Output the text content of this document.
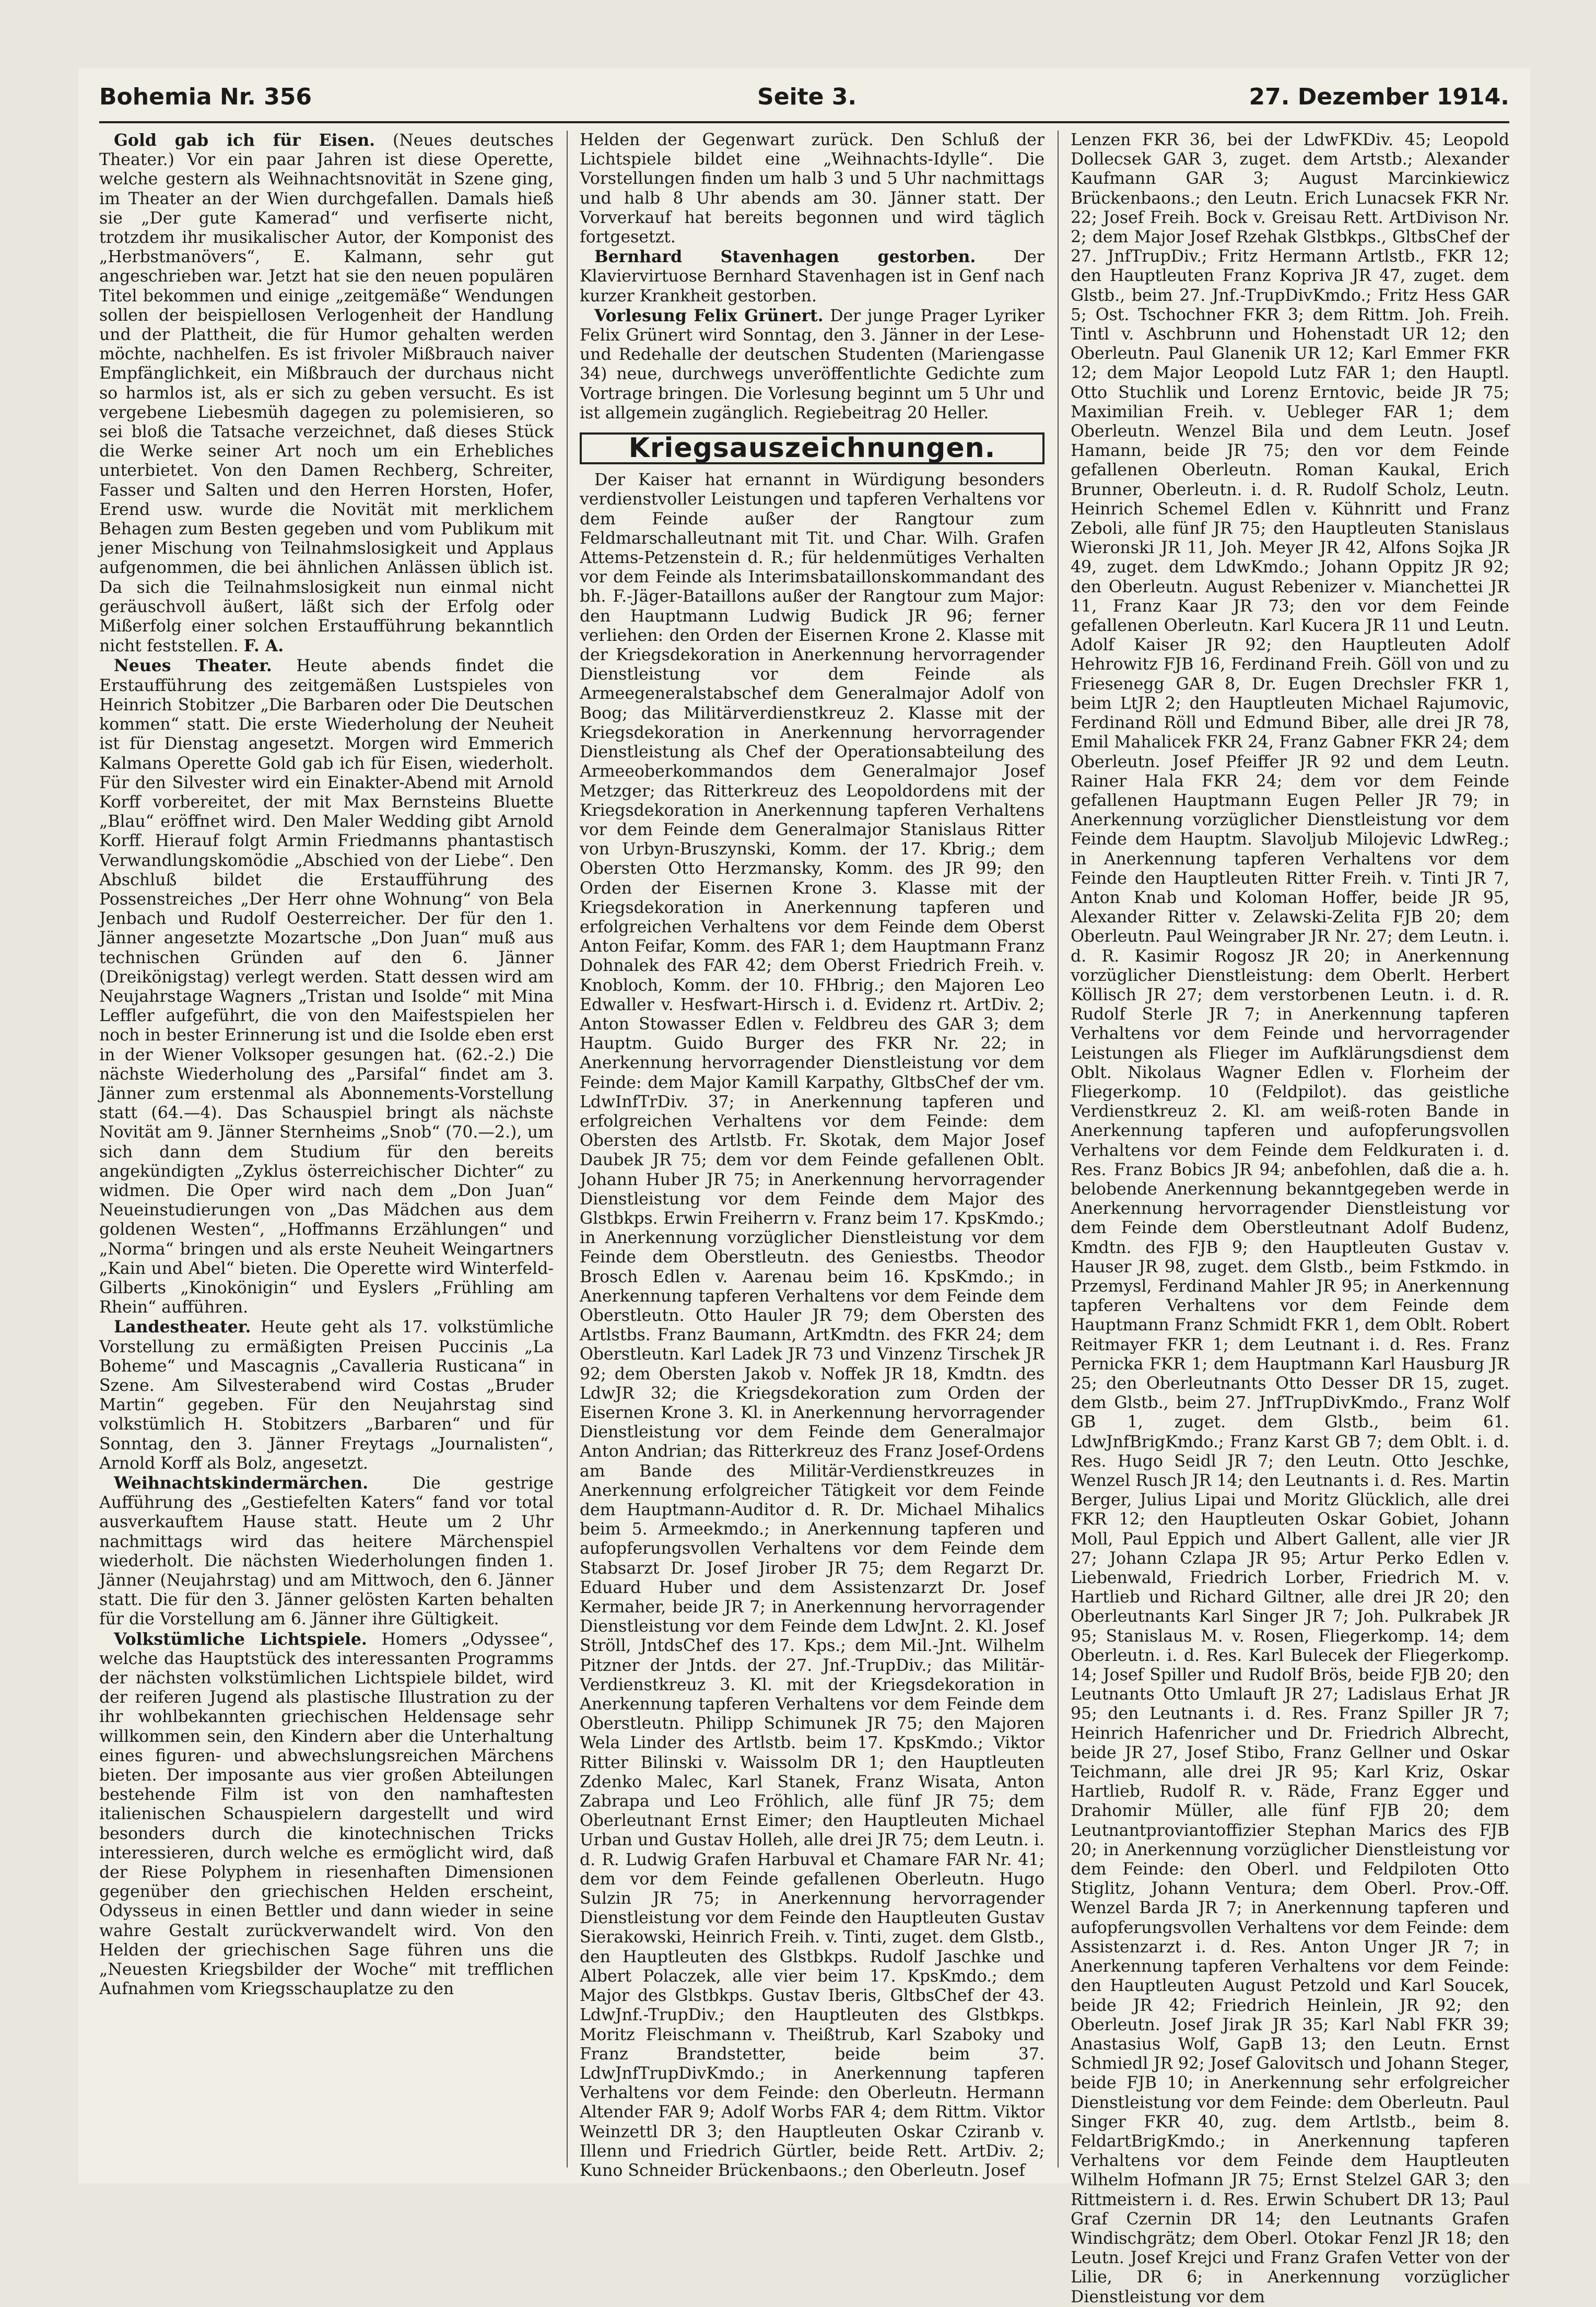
Bohemia Nr. 356	Seite 3.	27. Dezember 1914.

Gold gab ich für Eisen. (Neues deutsches Theater.) Vor ein paar Jahren ist diese Operette, welche gestern als Weihnachtsnovität in Szene ging, im Theater an der Wien durchgefallen. Damals hieß sie „Der gute Kamerad“ und verfiserte nicht, trotzdem ihr musikalischer Autor, der Komponist des „Herbstmanövers“, E. Kalmann, sehr gut angeschrieben war. Jetzt hat sie den neuen populären Titel bekommen und einige „zeitgemäße“ Wendungen sollen der beispiellosen Verlogenheit der Handlung und der Plattheit, die für Humor gehalten werden möchte, nachhelfen. Es ist frivoler Mißbrauch naiver Empfänglichkeit, ein Mißbrauch der durchaus nicht so harmlos ist, als er sich zu geben versucht. Es ist vergebene Liebesmüh dagegen zu polemisieren, so sei bloß die Tatsache verzeichnet, daß dieses Stück die Werke seiner Art noch um ein Erhebliches unterbietet. Von den Damen Rechberg, Schreiter, Fasser und Salten und den Herren Horsten, Hofer, Erend usw. wurde die Novität mit merklichem Behagen zum Besten gegeben und vom Publikum mit jener Mischung von Teilnahmslosigkeit und Applaus aufgenommen, die bei ähnlichen Anlässen üblich ist. Da sich die Teilnahmslosigkeit nun einmal nicht geräuschvoll äußert, läßt sich der Erfolg oder Mißerfolg einer solchen Erstaufführung bekanntlich nicht feststellen. F. A.

Neues Theater. Heute abends findet die Erstaufführung des zeitgemäßen Lustspieles von Heinrich Stobitzer „Die Barbaren oder Die Deutschen kommen“ statt. Die erste Wiederholung der Neuheit ist für Dienstag angesetzt. Morgen wird Emmerich Kalmans Operette Gold gab ich für Eisen, wiederholt. Für den Silvester wird ein Einakter-Abend mit Arnold Korff vorbereitet, der mit Max Bernsteins Bluette „Blau“ eröffnet wird. Den Maler Wedding gibt Arnold Korff. Hierauf folgt Armin Friedmanns phantastisch Verwandlungskomödie „Abschied von der Liebe“. Den Abschluß bildet die Erstaufführung des Possenstreiches „Der Herr ohne Wohnung“ von Bela Jenbach und Rudolf Oesterreicher. Der für den 1. Jänner angesetzte Mozartsche „Don Juan“ muß aus technischen Gründen auf den 6. Jänner (Dreikönigstag) verlegt werden. Statt dessen wird am Neujahrstage Wagners „Tristan und Isolde“ mit Mina Leffler aufgeführt, die von den Maifestspielen her noch in bester Erinnerung ist und die Isolde eben erst in der Wiener Volksoper gesungen hat. (62.-2.) Die nächste Wiederholung des „Parsifal“ findet am 3. Jänner zum erstenmal als Abonnements-Vorstellung statt (64.—4). Das Schauspiel bringt als nächste Novität am 9. Jänner Sternheims „Snob“ (70.—2.), um sich dann dem Studium für den bereits angekündigten „Zyklus österreichischer Dichter“ zu widmen. Die Oper wird nach dem „Don Juan“ Neueinstudierungen von „Das Mädchen aus dem goldenen Westen“, „Hoffmanns Erzählungen“ und „Norma“ bringen und als erste Neuheit Weingartners „Kain und Abel“ bieten. Die Operette wird Winterfeld-Gilberts „Kinokönigin“ und Eyslers „Frühling am Rhein“ aufführen.

Landestheater. Heute geht als 17. volkstümliche Vorstellung zu ermäßigten Preisen Puccinis „La Boheme“ und Mascagnis „Cavalleria Rusticana“ in Szene. Am Silvesterabend wird Costas „Bruder Martin“ gegeben. Für den Neujahrstag sind volkstümlich H. Stobitzers „Barbaren“ und für Sonntag, den 3. Jänner Freytags „Journalisten“, Arnold Korff als Bolz, angesetzt.

Weihnachtskindermärchen.	Die gestrige Aufführung des „Gestiefelten Katers“ fand vor total ausverkauftem Hause statt. Heute um 2 Uhr nachmittags wird das heitere Märchenspiel wiederholt. Die nächsten Wiederholungen finden 1. Jänner (Neujahrstag) und am Mittwoch, den 6. Jänner statt. Die für den 3. Jänner gelösten Karten behalten für die Vorstellung am 6. Jänner ihre Gültigkeit.

Volkstümliche Lichtspiele. Homers „Odyssee“, welche das Hauptstück des interessanten Programms der nächsten volkstümlichen Lichtspiele bildet, wird der reiferen Jugend als plastische Illustration zu der ihr wohlbekannten griechischen Heldensage sehr willkommen sein, den Kindern aber die Unterhaltung eines figuren- und abwechslungsreichen Märchens bieten. Der imposante aus vier großen Abteilungen bestehende Film ist von den namhaftesten italienischen Schauspielern dargestellt und wird besonders durch die kinotechnischen Tricks interessieren, durch welche es ermöglicht wird, daß der Riese Polyphem in riesenhaften Dimensionen gegenüber den griechischen Helden erscheint, Odysseus in einen Bettler und dann wieder in seine wahre Gestalt zurückverwandelt wird. Von den Helden der griechischen Sage führen uns die „Neuesten Kriegsbilder der Woche“ mit trefflichen Aufnahmen vom Kriegsschauplatze zu den

Helden der Gegenwart zurück. Den Schluß der Lichtspiele bildet eine „Weihnachts-Idylle“. Die Vorstellungen finden um halb 3 und 5 Uhr nachmittags und halb 8 Uhr abends am 30. Jänner statt. Der Vorverkauf hat bereits begonnen und wird täglich fortgesetzt.

Bernhard Stavenhagen gestorben. Der Klaviervirtuose Bernhard Stavenhagen ist in Genf nach kurzer Krankheit gestorben.

Vorlesung Felix Grünert. Der junge Prager Lyriker Felix Grünert wird Sonntag, den 3. Jänner in der Lese- und Redehalle der deutschen Studenten (Mariengasse 34) neue, durchwegs unveröffentlichte Gedichte zum Vortrage bringen. Die Vorlesung beginnt um 5 Uhr und ist allgemein zugänglich. Regiebeitrag 20 Heller.

Kriegsauszeichnungen.

Der Kaiser hat ernannt in Würdigung besonders verdienstvoller Leistungen und tapferen Verhaltens vor dem Feinde außer der Rangtour zum Feldmarschalleutnant mit Tit. und Char. Wilh. Grafen Attems-Petzenstein d. R.; für heldenmütiges Verhalten vor dem Feinde als Interimsbataillonskommandant des bh. F.-Jäger-Bataillons außer der Rangtour zum Major: den Hauptmann Ludwig Budick JR 96; ferner verliehen: den Orden der Eisernen Krone 2. Klasse mit der Kriegsdekoration in Anerkennung hervorragender Dienstleistung vor dem Feinde als Armeegeneralstabschef dem Generalmajor Adolf von Boog; das Militärverdienstkreuz 2. Klasse mit der Kriegsdekoration in Anerkennung hervorragender Dienstleistung als Chef der Operationsabteilung des Armeeoberkommandos dem Generalmajor Josef Metzger; das Ritterkreuz des Leopoldordens mit der Kriegsdekoration in Anerkennung tapferen Verhaltens vor dem Feinde dem Generalmajor Stanislaus Ritter von Urbyn-Bruszynski, Komm. der 17. Kbrig.; dem Obersten Otto Herzmansky, Komm. des JR 99; den Orden der Eisernen Krone 3. Klasse mit der Kriegsdekoration in Anerkennung tapferen und erfolgreichen Verhaltens vor dem Feinde dem Oberst Anton Feifar, Komm. des FAR 1; dem Hauptmann Franz Dohnalek des FAR 42; dem Oberst Friedrich Freih. v. Knobloch, Komm. der 10. FHbrig.; den Majoren Leo Edwaller v. Hesfwart-Hirsch i. d. Evidenz rt. ArtDiv. 2; Anton Stowasser Edlen v. Feldbreu des GAR 3; dem Hauptm. Guido Burger des FKR Nr. 22; in Anerkennung hervorragender Dienstleistung vor dem Feinde: dem Major Kamill Karpathy, GltbsChef der vm. LdwInfTrDiv. 37; in Anerkennung tapferen und erfolgreichen Verhaltens vor dem Feinde: dem Obersten des Artlstb. Fr. Skotak, dem Major Josef Daubek JR 75; dem vor dem Feinde gefallenen Oblt. Johann Huber JR 75; in Anerkennung hervorragender Dienstleistung vor dem Feinde dem Major des Glstbkps. Erwin Freiherrn v. Franz beim 17. KpsKmdo.; in Anerkennung vorzüglicher Dienstleistung vor dem Feinde dem Oberstleutn. des Geniestbs. Theodor Brosch Edlen v. Aarenau beim 16. KpsKmdo.; in Anerkennung tapferen Verhaltens vor dem Feinde dem Oberstleutn. Otto Hauler JR 79; dem Obersten des Artlstbs. Franz Baumann, ArtKmdtn. des FKR 24; dem Oberstleutn. Karl Ladek JR 73 und Vinzenz Tirschek JR 92; dem Obersten Jakob v. Noffek JR 18, Kmdtn. des LdwJR 32; die Kriegsdekoration zum Orden der Eisernen Krone 3. Kl. in Anerkennung hervorragender Dienstleistung vor dem Feinde dem Generalmajor Anton Andrian; das Ritterkreuz des Franz Josef-Ordens am Bande des Militär-Verdienstkreuzes in Anerkennung erfolgreicher Tätigkeit vor dem Feinde dem Hauptmann-Auditor d. R. Dr. Michael Mihalics beim 5. Armeekmdo.; in Anerkennung tapferen und aufopferungsvollen Verhaltens vor dem Feinde dem Stabsarzt Dr. Josef Jirober JR 75; dem Regarzt Dr. Eduard Huber und dem Assistenzarzt Dr. Josef Kermaher, beide JR 7; in Anerkennung hervorragender Dienstleistung vor dem Feinde dem LdwJnt. 2. Kl. Josef Ströll, JntdsChef des 17. Kps.; dem Mil.-Jnt. Wilhelm Pitzner der Jntds. der 27. Jnf.-TrupDiv.; das Militär-Verdienstkreuz 3. Kl. mit der Kriegsdekoration in Anerkennung tapferen Verhaltens vor dem Feinde dem Oberstleutn. Philipp Schimunek JR 75; den Majoren Wela Linder des Artlstb. beim 17. KpsKmdo.; Viktor Ritter Bilinski v. Waissolm DR 1; den Hauptleuten Zdenko Malec, Karl Stanek, Franz Wisata, Anton Zabrapa und Leo Fröhlich, alle fünf JR 75; dem Oberleutnant Ernst Eimer; den Hauptleuten Michael Urban und Gustav Holleh, alle drei JR 75; dem Leutn. i. d. R. Ludwig Grafen Harbuval et Chamare FAR Nr. 41; dem vor dem Feinde gefallenen Oberleutn. Hugo Sulzin JR 75; in Anerkennung hervorragender Dienstleistung vor dem Feinde den Hauptleuten Gustav Sierakowski, Heinrich Freih. v. Tinti, zuget. dem Glstb., den Hauptleuten des Glstbkps. Rudolf Jaschke und Albert Polaczek, alle vier beim 17. KpsKmdo.; dem Major des Glstbkps. Gustav Iberis, GltbsChef der 43. LdwJnf.-TrupDiv.; den Hauptleuten des Glstbkps. Moritz Fleischmann v. Theißtrub, Karl Szaboky und Franz Brandstetter, beide beim 37. LdwJnfTrupDivKmdo.; in Anerkennung tapferen Verhaltens vor dem Feinde: den Oberleutn. Hermann Altender FAR 9; Adolf Worbs FAR 4; dem Rittm. Viktor Weinzettl DR 3; den Hauptleuten Oskar Cziranb v. Illenn und Friedrich Gürtler, beide Rett. ArtDiv. 2; Kuno Schneider Brückenbaons.; den Oberleutn. Josef

Lenzen FKR 36, bei der LdwFKDiv. 45; Leopold Dollecsek GAR 3, zuget. dem Artstb.; Alexander Kaufmann GAR 3; August Marcinkiewicz Brückenbaons.; den Leutn. Erich Lunacsek FKR Nr. 22; Josef Freih. Bock v. Greisau Rett. ArtDivison Nr. 2; dem Major Josef Rzehak Glstbkps., GltbsChef der 27. JnfTrupDiv.; Fritz Hermann Artlstb., FKR 12; den Hauptleuten Franz Kopriva JR 47, zuget. dem Glstb., beim 27. Jnf.-TrupDivKmdo.; Fritz Hess GAR 5; Ost. Tschochner FKR 3; dem Rittm. Joh. Freih. Tintl v. Aschbrunn und Hohenstadt UR 12; den Oberleutn. Paul Glanenik UR 12; Karl Emmer FKR 12; dem Major Leopold Lutz FAR 1; den Hauptl. Otto Stuchlik und Lorenz Erntovic, beide JR 75; Maximilian Freih. v. Uebleger FAR 1; dem Oberleutn. Wenzel Bila und dem Leutn. Josef Hamann, beide JR 75; den vor dem Feinde gefallenen Oberleutn. Roman Kaukal, Erich Brunner, Oberleutn. i. d. R. Rudolf Scholz, Leutn. Heinrich Schemel Edlen v. Kühnritt und Franz Zeboli, alle fünf JR 75; den Hauptleuten Stanislaus Wieronski JR 11, Joh. Meyer JR 42, Alfons Sojka JR 49, zuget. dem LdwKmdo.; Johann Oppitz JR 92; den Oberleutn. August Rebenizer v. Mianchettei JR 11, Franz Kaar JR 73; den vor dem Feinde gefallenen Oberleutn. Karl Kucera JR 11 und Leutn. Adolf Kaiser JR 92; den Hauptleuten Adolf Hehrowitz FJB 16, Ferdinand Freih. Göll von und zu Friesenegg GAR 8, Dr. Eugen Drechsler FKR 1, beim LtJR 2; den Hauptleuten Michael Rajumovic, Ferdinand Röll und Edmund Biber, alle drei JR 78, Emil Mahalicek FKR 24, Franz Gabner FKR 24; dem Oberleutn. Josef Pfeiffer JR 92 und dem Leutn. Rainer Hala FKR 24; dem vor dem Feinde gefallenen Hauptmann Eugen Peller JR 79; in Anerkennung vorzüglicher Dienstleistung vor dem Feinde dem Hauptm. Slavoljub Milojevic LdwReg.; in Anerkennung tapferen Verhaltens vor dem Feinde den Hauptleuten Ritter Freih. v. Tinti JR 7, Anton Knab und Koloman Hoffer, beide JR 95, Alexander Ritter v. Zelawski-Zelita FJB 20; dem Oberleutn. Paul Weingraber JR Nr. 27; dem Leutn. i. d. R. Kasimir Rogosz JR 20; in Anerkennung vorzüglicher Dienstleistung: dem Oberlt. Herbert Köllisch JR 27; dem verstorbenen Leutn. i. d. R. Rudolf Sterle JR 7; in Anerkennung tapferen Verhaltens vor dem Feinde und hervorragender Leistungen als Flieger im Aufklärungsdienst dem Oblt. Nikolaus Wagner Edlen v. Florheim der Fliegerkomp. 10 (Feldpilot). das geistliche Verdienstkreuz 2. Kl. am weiß-roten Bande in Anerkennung tapferen und aufopferungsvollen Verhaltens vor dem Feinde dem Feldkuraten i. d. Res. Franz Bobics JR 94; anbefohlen, daß die a. h. belobende Anerkennung bekanntgegeben werde in Anerkennung hervorragender Dienstleistung vor dem Feinde dem Oberstleutnant Adolf Budenz, Kmdtn. des FJB 9; den Hauptleuten Gustav v. Hauser JR 98, zuget. dem Glstb., beim Fstkmdo. in Przemysl, Ferdinand Mahler JR 95; in Anerkennung tapferen Verhaltens vor dem Feinde dem Hauptmann Franz Schmidt FKR 1, dem Oblt. Robert Reitmayer FKR 1; dem Leutnant i. d. Res. Franz Pernicka FKR 1; dem Hauptmann Karl Hausburg JR 25; den Oberleutnants Otto Desser DR 15, zuget. dem Glstb., beim 27. JnfTrupDivKmdo., Franz Wolf GB 1, zuget. dem Glstb., beim 61. LdwJnfBrigKmdo.; Franz Karst GB 7; dem Oblt. i. d. Res. Hugo Seidl JR 7; den Leutn. Otto Jeschke, Wenzel Rusch JR 14; den Leutnants i. d. Res. Martin Berger, Julius Lipai und Moritz Glücklich, alle drei FKR 12; den Hauptleuten Oskar Gobiet, Johann Moll, Paul Eppich und Albert Gallent, alle vier JR 27; Johann Czlapa JR 95; Artur Perko Edlen v. Liebenwald, Friedrich Lorber, Friedrich M. v. Hartlieb und Richard Giltner, alle drei JR 20; den Oberleutnants Karl Singer JR 7; Joh. Pulkrabek JR 95; Stanislaus M. v. Rosen, Fliegerkomp. 14; dem Oberleutn. i. d. Res. Karl Bulecek der Fliegerkomp. 14; Josef Spiller und Rudolf Brös, beide FJB 20; den Leutnants Otto Umlauft JR 27; Ladislaus Erhat JR 95; den Leutnants i. d. Res. Franz Spiller JR 7; Heinrich Hafenricher und Dr. Friedrich Albrecht, beide JR 27, Josef Stibo, Franz Gellner und Oskar Teichmann, alle drei JR 95; Karl Kriz, Oskar Hartlieb, Rudolf R. v. Räde, Franz Egger und Drahomir Müller, alle fünf FJB 20; dem Leutnantproviantoffizier Stephan Marics des FJB 20; in Anerkennung vorzüglicher Dienstleistung vor dem Feinde: den Oberl. und Feldpiloten Otto Stiglitz, Johann Ventura; dem Oberl. Prov.-Off. Wenzel Barda JR 7; in Anerkennung tapferen und aufopferungsvollen Verhaltens vor dem Feinde: dem Assistenzarzt i. d. Res. Anton Unger JR 7; in Anerkennung tapferen Verhaltens vor dem Feinde: den Hauptleuten August Petzold und Karl Soucek, beide JR 42; Friedrich Heinlein, JR 92; den Oberleutn. Josef Jirak JR 35; Karl Nabl FKR 39; Anastasius Wolf, GapB 13; den Leutn. Ernst Schmiedl JR 92; Josef Galovitsch und Johann Steger, beide FJB 10; in Anerkennung sehr erfolgreicher Dienstleistung vor dem Feinde: dem Oberleutn. Paul Singer FKR 40, zug. dem Artlstb., beim 8. FeldartBrigKmdo.; in Anerkennung tapferen Verhaltens vor dem Feinde dem Hauptleuten Wilhelm Hofmann JR 75; Ernst Stelzel GAR 3; den Rittmeistern i. d. Res. Erwin Schubert DR 13; Paul Graf Czernin DR 14; den Leutnants Grafen Windischgrätz; dem Oberl. Otokar Fenzl JR 18; den Leutn. Josef Krejci und Franz Grafen Vetter von der Lilie, DR 6; in Anerkennung vorzüglicher Dienstleistung vor dem
